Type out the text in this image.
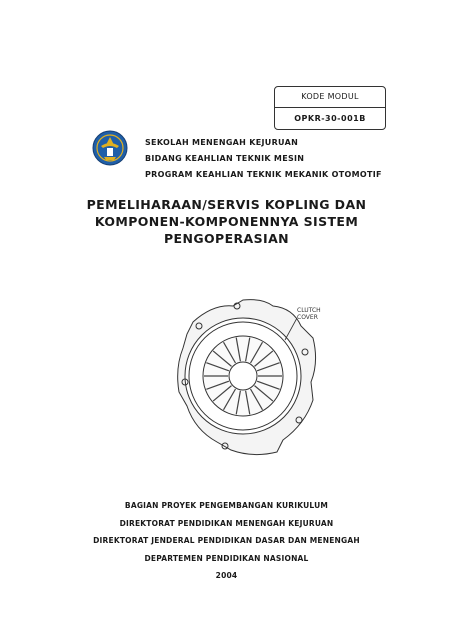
KODE MODUL
OPKR-30-001B
SEKOLAH MENENGAH KEJURUAN
BIDANG KEAHLIAN TEKNIK MESIN
PROGRAM KEAHLIAN TEKNIK MEKANIK OTOMOTIF
PEMELIHARAAN/SERVIS KOPLING DAN
KOMPONEN-KOMPONENNYA SISTEM
PENGOPERASIAN
CLUTCH
COVER
BAGIAN PROYEK PENGEMBANGAN KURIKULUM
DIREKTORAT PENDIDIKAN MENENGAH KEJURUAN
DIREKTORAT JENDERAL PENDIDIKAN DASAR DAN MENENGAH
DEPARTEMEN PENDIDIKAN NASIONAL
2004
